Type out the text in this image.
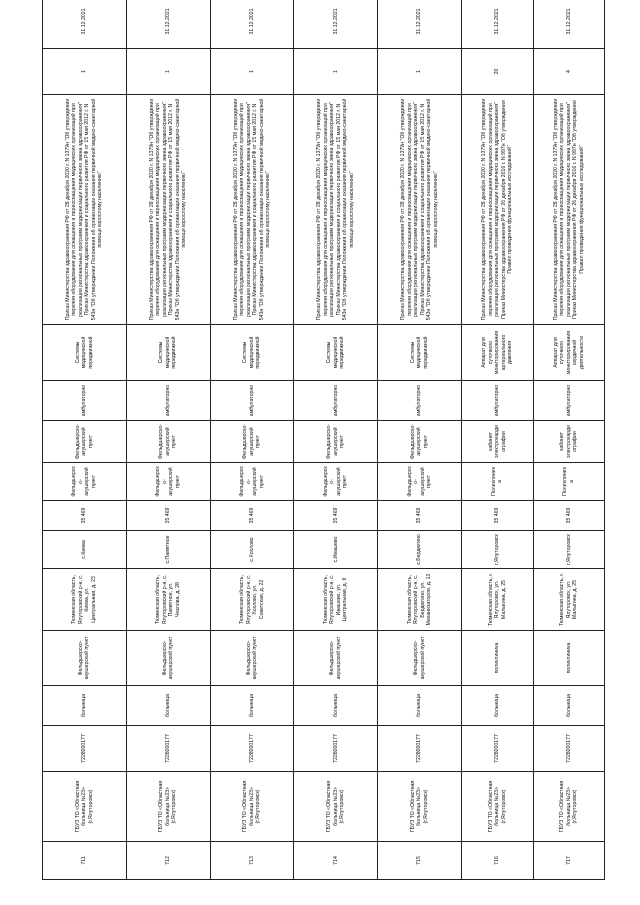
711	ГБУЗ ТО «Областная больница №23» (г.Ялуторовск)	7228000177	больница	Фельдшерско-акушерский пункт	Тюменская область, Ялуторовский р-н, с. Киева, ул. Центральная, д. 23	с.Киева	35 469	Фельдшерско-акушерский пункт	Фельдшерско-акушерский пункт	амбулаторно	Системы медицинской передвижной	Приказ Министерства здравоохранения РФ от 28 декабря 2020 г. N 1379н "Об утверждении перечня оборудования для оснащения и переоснащения медицинских организаций при реализации региональных программ модернизации первичного звена здравоохранения" Приказ Министерства здравоохранения и социального развития РФ от 15 мая 2012 г. N 543н "Об утверждении Положения об организации оказания первичной медико-санитарной помощи взрослому населению"	1	31.12.2021
712	ГБУЗ ТО «Областная больница №23» (г.Ялуторовск)	7228000177	больница	Фельдшерско-акушерский пункт	Тюменская область, Ялуторовский р-н, с. Памятное, ул. Чкалова, д. 28	с.Памятное	35 469	Фельдшерско-акушерский пункт	Фельдшерско-акушерский пункт	амбулаторно	Системы медицинской передвижной	Приказ Министерства здравоохранения РФ от 28 декабря 2020 г. N 1379н "Об утверждении перечня оборудования для оснащения и переоснащения медицинских организаций при реализации региональных программ модернизации первичного звена здравоохранения" Приказ Министерства здравоохранения и социального развития РФ от 15 мая 2012 г. N 543н "Об утверждении Положения об организации оказания первичной медико-санитарной помощи взрослому населению"	1	31.12.2021
713	ГБУЗ ТО «Областная больница №23» (г.Ялуторовск)	7228000177	больница	Фельдшерско-акушерский пункт	Тюменская область, Ялуторовский р-н, с. Хохлово, ул. Советская, д. 22	с.Хохлово	35 469	Фельдшерско-акушерский пункт	Фельдшерско-акушерский пункт	амбулаторно	Системы медицинской передвижной	Приказ Министерства здравоохранения РФ от 28 декабря 2020 г. N 1379н "Об утверждении перечня оборудования для оснащения и переоснащения медицинских организаций при реализации региональных программ модернизации первичного звена здравоохранения" Приказ Министерства здравоохранения и социального развития РФ от 15 мая 2012 г. N 543н "Об утверждении Положения об организации оказания первичной медико-санитарной помощи взрослому населению"	1	31.12.2021
714	ГБУЗ ТО «Областная больница №23» (г.Ялуторовск)	7228000177	больница	Фельдшерско-акушерский пункт	Тюменская область, Ялуторовский р-н, с. Ивашево, ул. Центральная, д. 9	с.Ивашево	35 469	Фельдшерско-акушерский пункт	Фельдшерско-акушерский пункт	амбулаторно	Системы медицинской передвижной	Приказ Министерства здравоохранения РФ от 28 декабря 2020 г. N 1379н "Об утверждении перечня оборудования для оснащения и переоснащения медицинских организаций при реализации региональных программ модернизации первичного звена здравоохранения" Приказ Министерства здравоохранения и социального развития РФ от 15 мая 2012 г. N 543н "Об утверждении Положения об организации оказания первичной медико-санитарной помощи взрослому населению"	1	31.12.2021
715	ГБУЗ ТО «Областная больница №23» (г.Ялуторовск)	7228000177	больница	Фельдшерско-акушерский пункт	Тюменская область, Ялуторовский р-н, с. Бердюгино, ул. Механизаторов, д. 12	с.Бердюгино	35 469	Фельдшерско-акушерский пункт	Фельдшерско-акушерский пункт	амбулаторно	Системы медицинской передвижной	Приказ Министерства здравоохранения РФ от 28 декабря 2020 г. N 1379н "Об утверждении перечня оборудования для оснащения и переоснащения медицинских организаций при реализации региональных программ модернизации первичного звена здравоохранения" Приказ Министерства здравоохранения и социального развития РФ от 15 мая 2012 г. N 543н "Об утверждении Положения об организации оказания первичной медико-санитарной помощи взрослому населению"	1	31.12.2021
716	ГБУЗ ТО «Областная больница №23» (г.Ялуторовск)	7228000177	больница	поликлиника	Тюменская область, г. Ялуторовск, ул. Малыгина, д. 25	г.Ялуторовск	35 469	Поликлиника	кабинет электрокардиографии	амбулаторно	Аппарат для суточного мониторирования артериального давления	Приказ Министерства здравоохранения РФ от 28 декабря 2020 г. N 1379н "Об утверждении перечня оборудования для оснащения и переоснащения медицинских организаций при реализации региональных программ модернизации первичного звена здравоохранения" Приказ Министерства здравоохранения РФ от 26 декабря 2016 г. N 997н "Об утверждении Правил проведения функциональных исследований"	20	31.12.2021
717	ГБУЗ ТО «Областная больница №23» (г.Ялуторовск)	7228000177	больница	поликлиника	Тюменская область, г. Ялуторовск, ул. Малыгина, д. 25	г.Ялуторовск	35 469	Поликлиника	кабинет электрокардиографии	амбулаторно	Аппарат для суточного мониторирования сердечной деятельности	Приказ Министерства здравоохранения РФ от 28 декабря 2020 г. N 1379н "Об утверждении перечня оборудования для оснащения и переоснащения медицинских организаций при реализации региональных программ модернизации первичного звена здравоохранения" Приказ Министерства здравоохранения РФ от 26 декабря 2016 г. N 997н "Об утверждении Правил проведения функциональных исследований"	4	31.12.2021
